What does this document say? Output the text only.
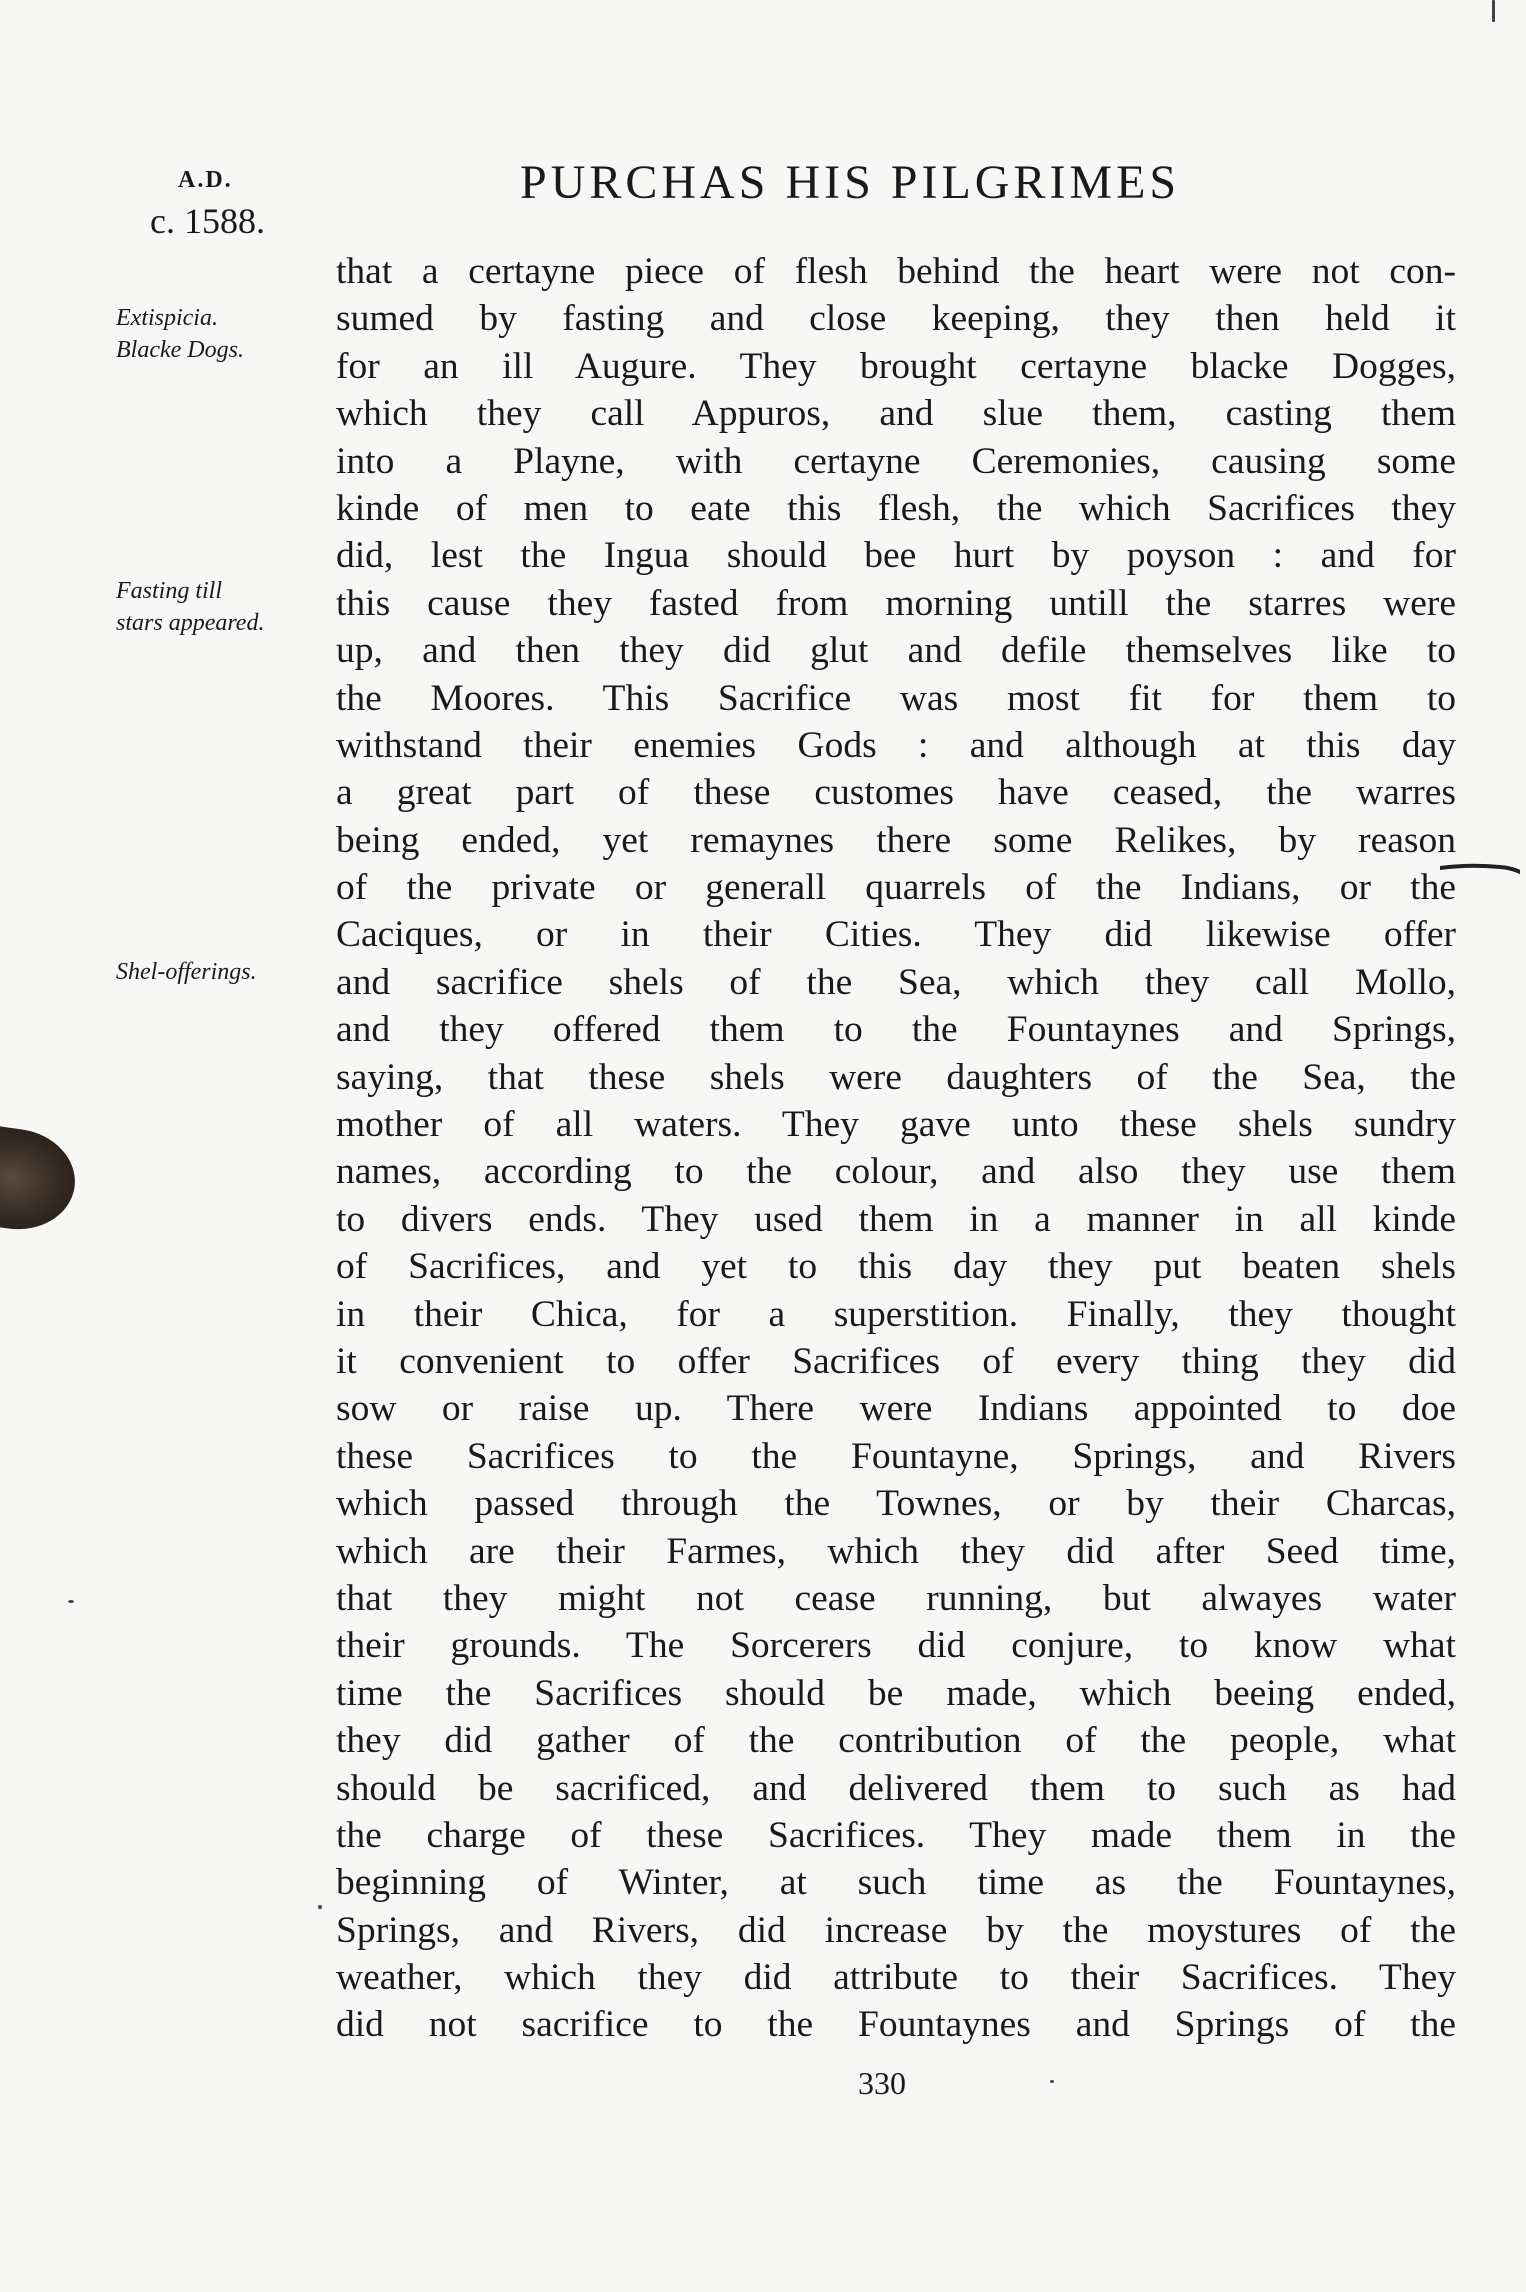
A.D.
c. 1588.
PURCHAS HIS PILGRIMES
Extispicia.
Blacke Dogs.
Fasting till
stars appeared.
Shel-offerings.
that a certayne piece of flesh behind the heart were not con-
sumed by fasting and close keeping, they then held it
for an ill Augure. They brought certayne blacke Dogges,
which they call Appuros, and slue them, casting them
into a Playne, with certayne Ceremonies, causing some
kinde of men to eate this flesh, the which Sacrifices they
did, lest the Ingua should bee hurt by poyson : and for
this cause they fasted from morning untill the starres were
up, and then they did glut and defile themselves like to
the Moores. This Sacrifice was most fit for them to
withstand their enemies Gods : and although at this day
a great part of these customes have ceased, the warres
being ended, yet remaynes there some Relikes, by reason
of the private or generall quarrels of the Indians, or the
Caciques, or in their Cities. They did likewise offer
and sacrifice shels of the Sea, which they call Mollo,
and they offered them to the Fountaynes and Springs,
saying, that these shels were daughters of the Sea, the
mother of all waters. They gave unto these shels sundry
names, according to the colour, and also they use them
to divers ends. They used them in a manner in all kinde
of Sacrifices, and yet to this day they put beaten shels
in their Chica, for a superstition. Finally, they thought
it convenient to offer Sacrifices of every thing they did
sow or raise up. There were Indians appointed to doe
these Sacrifices to the Fountayne, Springs, and Rivers
which passed through the Townes, or by their Charcas,
which are their Farmes, which they did after Seed time,
that they might not cease running, but alwayes water
their grounds. The Sorcerers did conjure, to know what
time the Sacrifices should be made, which beeing ended,
they did gather of the contribution of the people, what
should be sacrificed, and delivered them to such as had
the charge of these Sacrifices. They made them in the
beginning of Winter, at such time as the Fountaynes,
Springs, and Rivers, did increase by the moystures of the
weather, which they did attribute to their Sacrifices. They
did not sacrifice to the Fountaynes and Springs of the
330
